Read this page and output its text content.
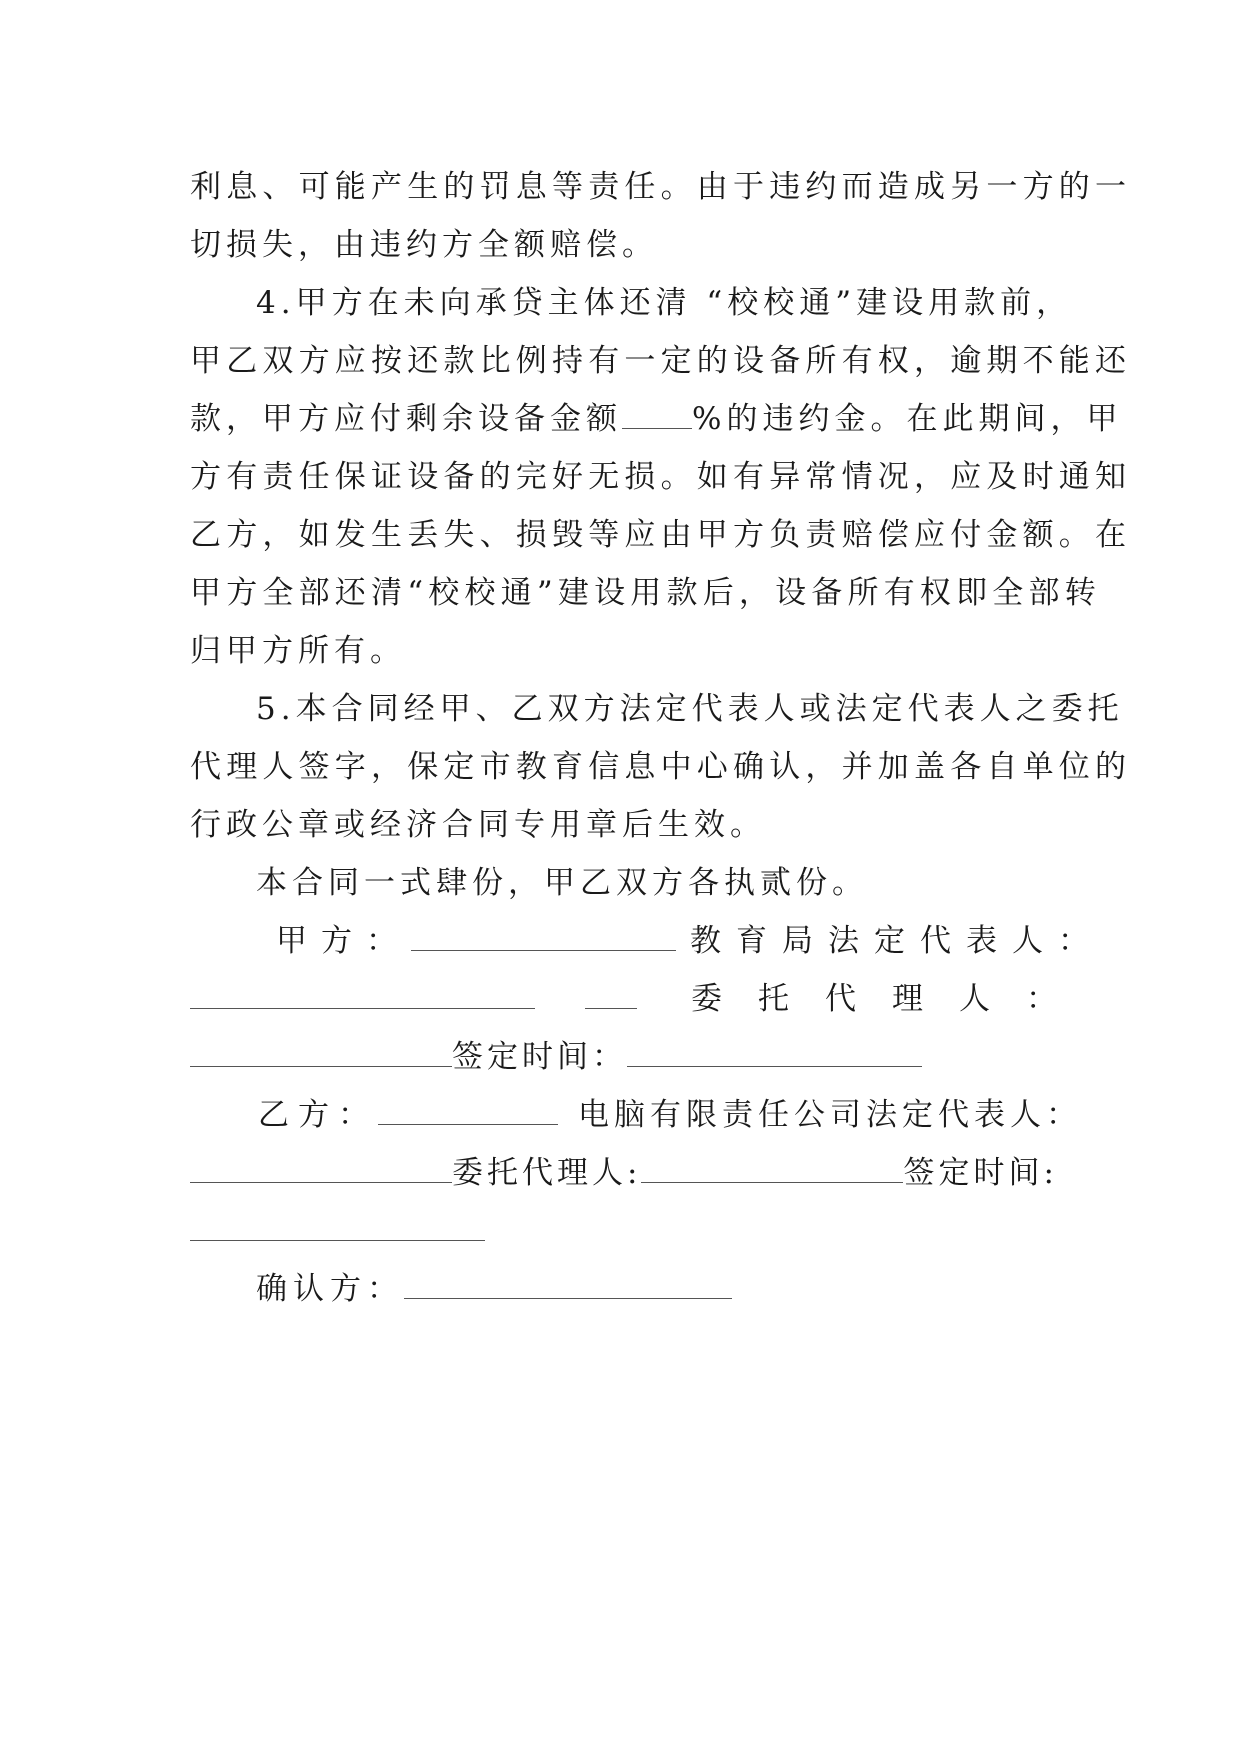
利息、可能产生的罚息等责任。由于违约而造成另一方的一
切损失，由违约方全额赔偿。
4.甲方在未向承贷主体还清 “校校通”建设用款前，
甲乙双方应按还款比例持有一定的设备所有权，逾期不能还
款，甲方应付剩余设备金额 %的违约金。在此期间，甲
方有责任保证设备的完好无损。如有异常情况，应及时通知
乙方，如发生丢失、损毁等应由甲方负责赔偿应付金额。在
甲方全部还清“校校通”建设用款后，设备所有权即全部转
归甲方所有。
5.本合同经甲、乙双方法定代表人或法定代表人之委托
代理人签字，保定市教育信息中心确认，并加盖各自单位的
行政公章或经济合同专用章后生效。
本合同一式肆份，甲乙双方各执贰份。
甲方：	教育局法定代表人：
委托代理人：
签定时间：
乙方：	电脑有限责任公司法定代表人：
委托代理人:	签定时间:
确认方：
